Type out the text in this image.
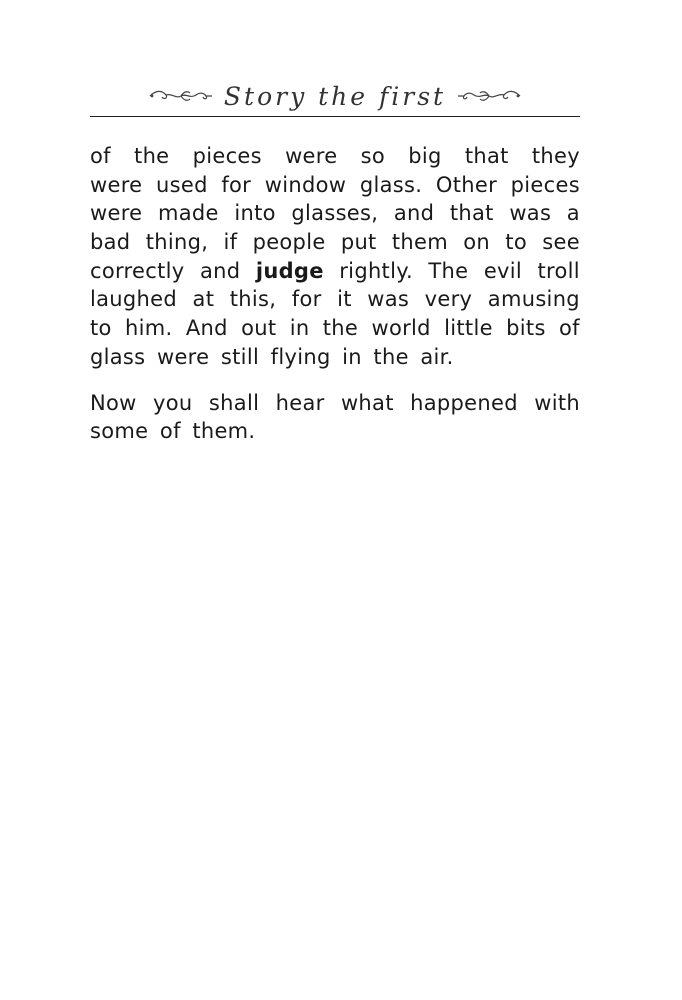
Story the first
of the pieces were so big that they
were used for window glass. Other pieces
were made into glasses, and that was a
bad thing, if people put them on to see
correctly and judge rightly. The evil troll
laughed at this, for it was very amusing
to him. And out in the world little bits of
glass were still flying in the air.
Now you shall hear what happened with
some of them.
